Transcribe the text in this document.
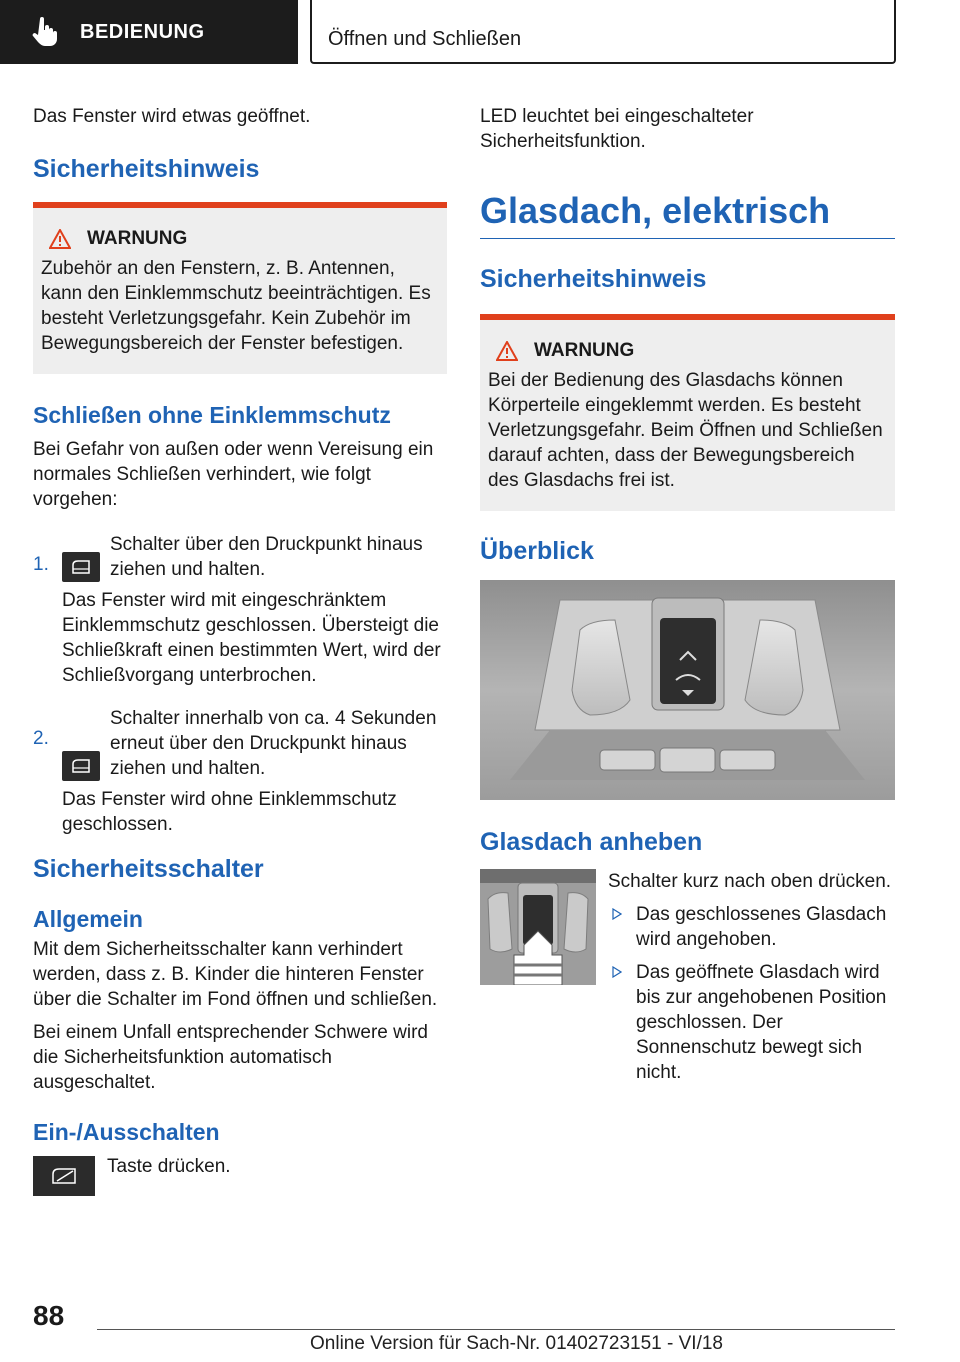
BEDIENUNG	Öffnen und Schließen

Das Fenster wird etwas geöffnet.

Sicherheitshinweis
WARNUNG

Zubehör an den Fenstern, z. B. Antennen, kann den Einklemmschutz beeinträchtigen. Es besteht Verletzungsgefahr. Kein Zubehör im Bewegungsbereich der Fenster befestigen.

Schließen ohne Einklemmschutz

Bei Gefahr von außen oder wenn Vereisung ein normales Schließen verhindert, wie folgt vorgehen:

1.

Schalter über den Druckpunkt hinaus ziehen und halten.

Das Fenster wird mit eingeschränktem Einklemmschutz geschlossen. Übersteigt die Schließkraft einen bestimmten Wert, wird der Schließvorgang unterbrochen.

2.

Schalter innerhalb von ca. 4 Sekunden erneut über den Druckpunkt hinaus ziehen und halten.

Das Fenster wird ohne Einklemmschutz geschlossen.

Sicherheitsschalter
Allgemein

Mit dem Sicherheitsschalter kann verhindert werden, dass z. B. Kinder die hinteren Fenster über die Schalter im Fond öffnen und schließen.

Bei einem Unfall entsprechender Schwere wird die Sicherheitsfunktion automatisch ausgeschaltet.

Ein-/Ausschalten

Taste drücken.

LED leuchtet bei eingeschalteter Sicherheitsfunktion.

Glasdach, elektrisch
Sicherheitshinweis
WARNUNG

Bei der Bedienung des Glasdachs können Körperteile eingeklemmt werden. Es besteht Verletzungsgefahr. Beim Öffnen und Schließen darauf achten, dass der Bewegungsbereich des Glasdachs frei ist.

Überblick
Glasdach anheben

Schalter kurz nach oben drücken.

Das geschlossenes Glasdach wird angehoben.

Das geöffnete Glasdach wird bis zur angehobenen Position geschlossen. Der Sonnenschutz bewegt sich nicht.

88
Online Version für Sach-Nr. 01402723151 - VI/18
